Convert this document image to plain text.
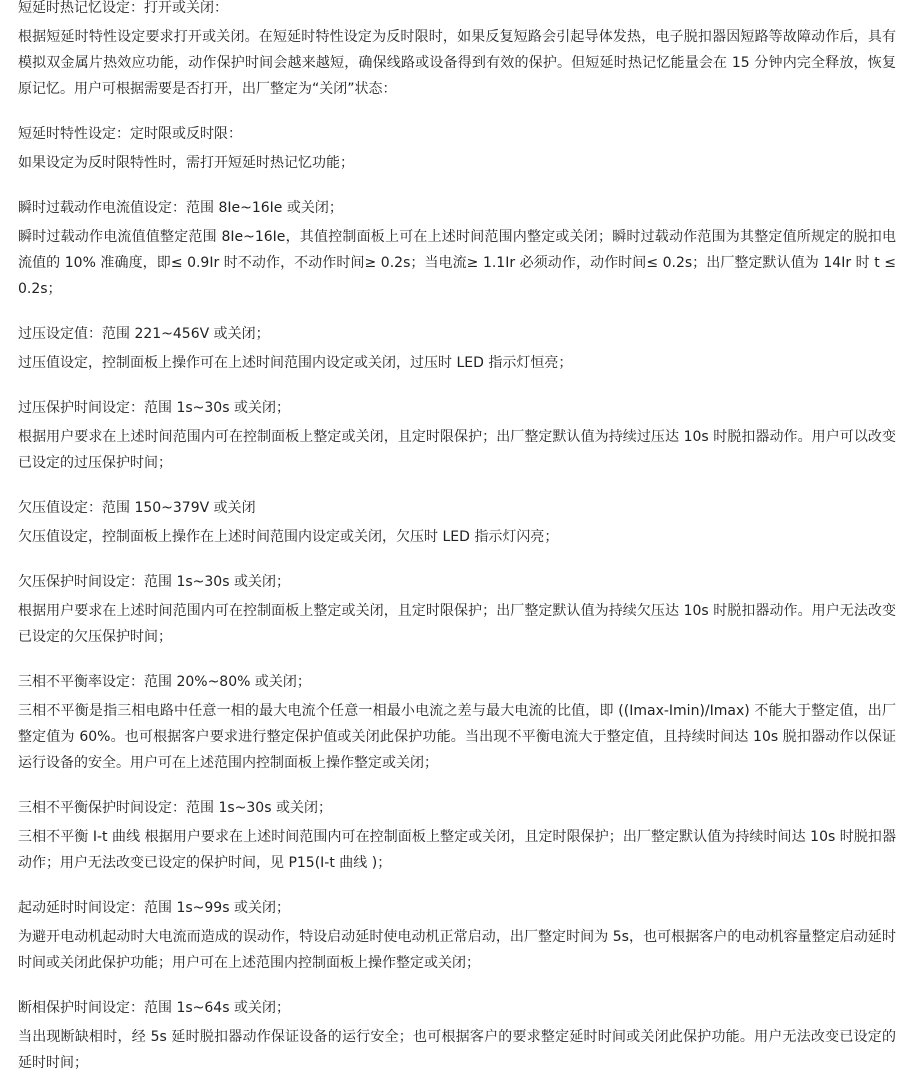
短延时热记忆设定：打开或关闭：

根据短延时特性设定要求打开或关闭。在短延时特性设定为反时限时，如果反复短路会引起导体发热，电子脱扣器因短路等故障动作后，具有模拟双金属片热效应功能，动作保护时间会越来越短，确保线路或设备得到有效的保护。但短延时热记忆能量会在 15 分钟内完全释放，恢复原记忆。用户可根据需要是否打开，出厂整定为“关闭”状态：

短延时特性设定：定时限或反时限：

如果设定为反时限特性时，需打开短延时热记忆功能；

瞬时过载动作电流值设定：范围 8Ie~16Ie 或关闭；

瞬时过载动作电流值值整定范围 8Ie~16Ie，其值控制面板上可在上述时间范围内整定或关闭；瞬时过载动作范围为其整定值所规定的脱扣电流值的 10% 准确度，即≤ 0.9Ir 时不动作，不动作时间≥ 0.2s；当电流≥ 1.1Ir 必须动作，动作时间≤ 0.2s；出厂整定默认值为 14Ir 时 t ≤ 0.2s；

过压设定值：范围 221~456V 或关闭；

过压值设定，控制面板上操作可在上述时间范围内设定或关闭，过压时 LED 指示灯恒亮；

过压保护时间设定：范围 1s~30s 或关闭；

根据用户要求在上述时间范围内可在控制面板上整定或关闭，且定时限保护；出厂整定默认值为持续过压达 10s 时脱扣器动作。用户可以改变已设定的过压保护时间；

欠压值设定：范围 150~379V 或关闭

欠压值设定，控制面板上操作在上述时间范围内设定或关闭，欠压时 LED 指示灯闪亮；

欠压保护时间设定：范围 1s~30s 或关闭；

根据用户要求在上述时间范围内可在控制面板上整定或关闭，且定时限保护；出厂整定默认值为持续欠压达 10s 时脱扣器动作。用户无法改变已设定的欠压保护时间；

三相不平衡率设定：范围 20%~80% 或关闭；

三相不平衡是指三相电路中任意一相的最大电流个任意一相最小电流之差与最大电流的比值，即 ((Imax-Imin)/Imax) 不能大于整定值，出厂整定值为 60%。也可根据客户要求进行整定保护值或关闭此保护功能。当出现不平衡电流大于整定值，且持续时间达 10s 脱扣器动作以保证运行设备的安全。用户可在上述范围内控制面板上操作整定或关闭；

三相不平衡保护时间设定：范围 1s~30s 或关闭；

三相不平衡 I-t 曲线 根据用户要求在上述时间范围内可在控制面板上整定或关闭，且定时限保护；出厂整定默认值为持续时间达 10s 时脱扣器动作；用户无法改变已设定的保护时间，见 P15(I-t 曲线 )；

起动延时时间设定：范围 1s~99s 或关闭；

为避开电动机起动时大电流而造成的误动作，特设启动延时使电动机正常启动，出厂整定时间为 5s，也可根据客户的电动机容量整定启动延时时间或关闭此保护功能；用户可在上述范围内控制面板上操作整定或关闭；

断相保护时间设定：范围 1s~64s 或关闭；

当出现断缺相时，经 5s 延时脱扣器动作保证设备的运行安全；也可根据客户的要求整定延时时间或关闭此保护功能。用户无法改变已设定的延时时间；
